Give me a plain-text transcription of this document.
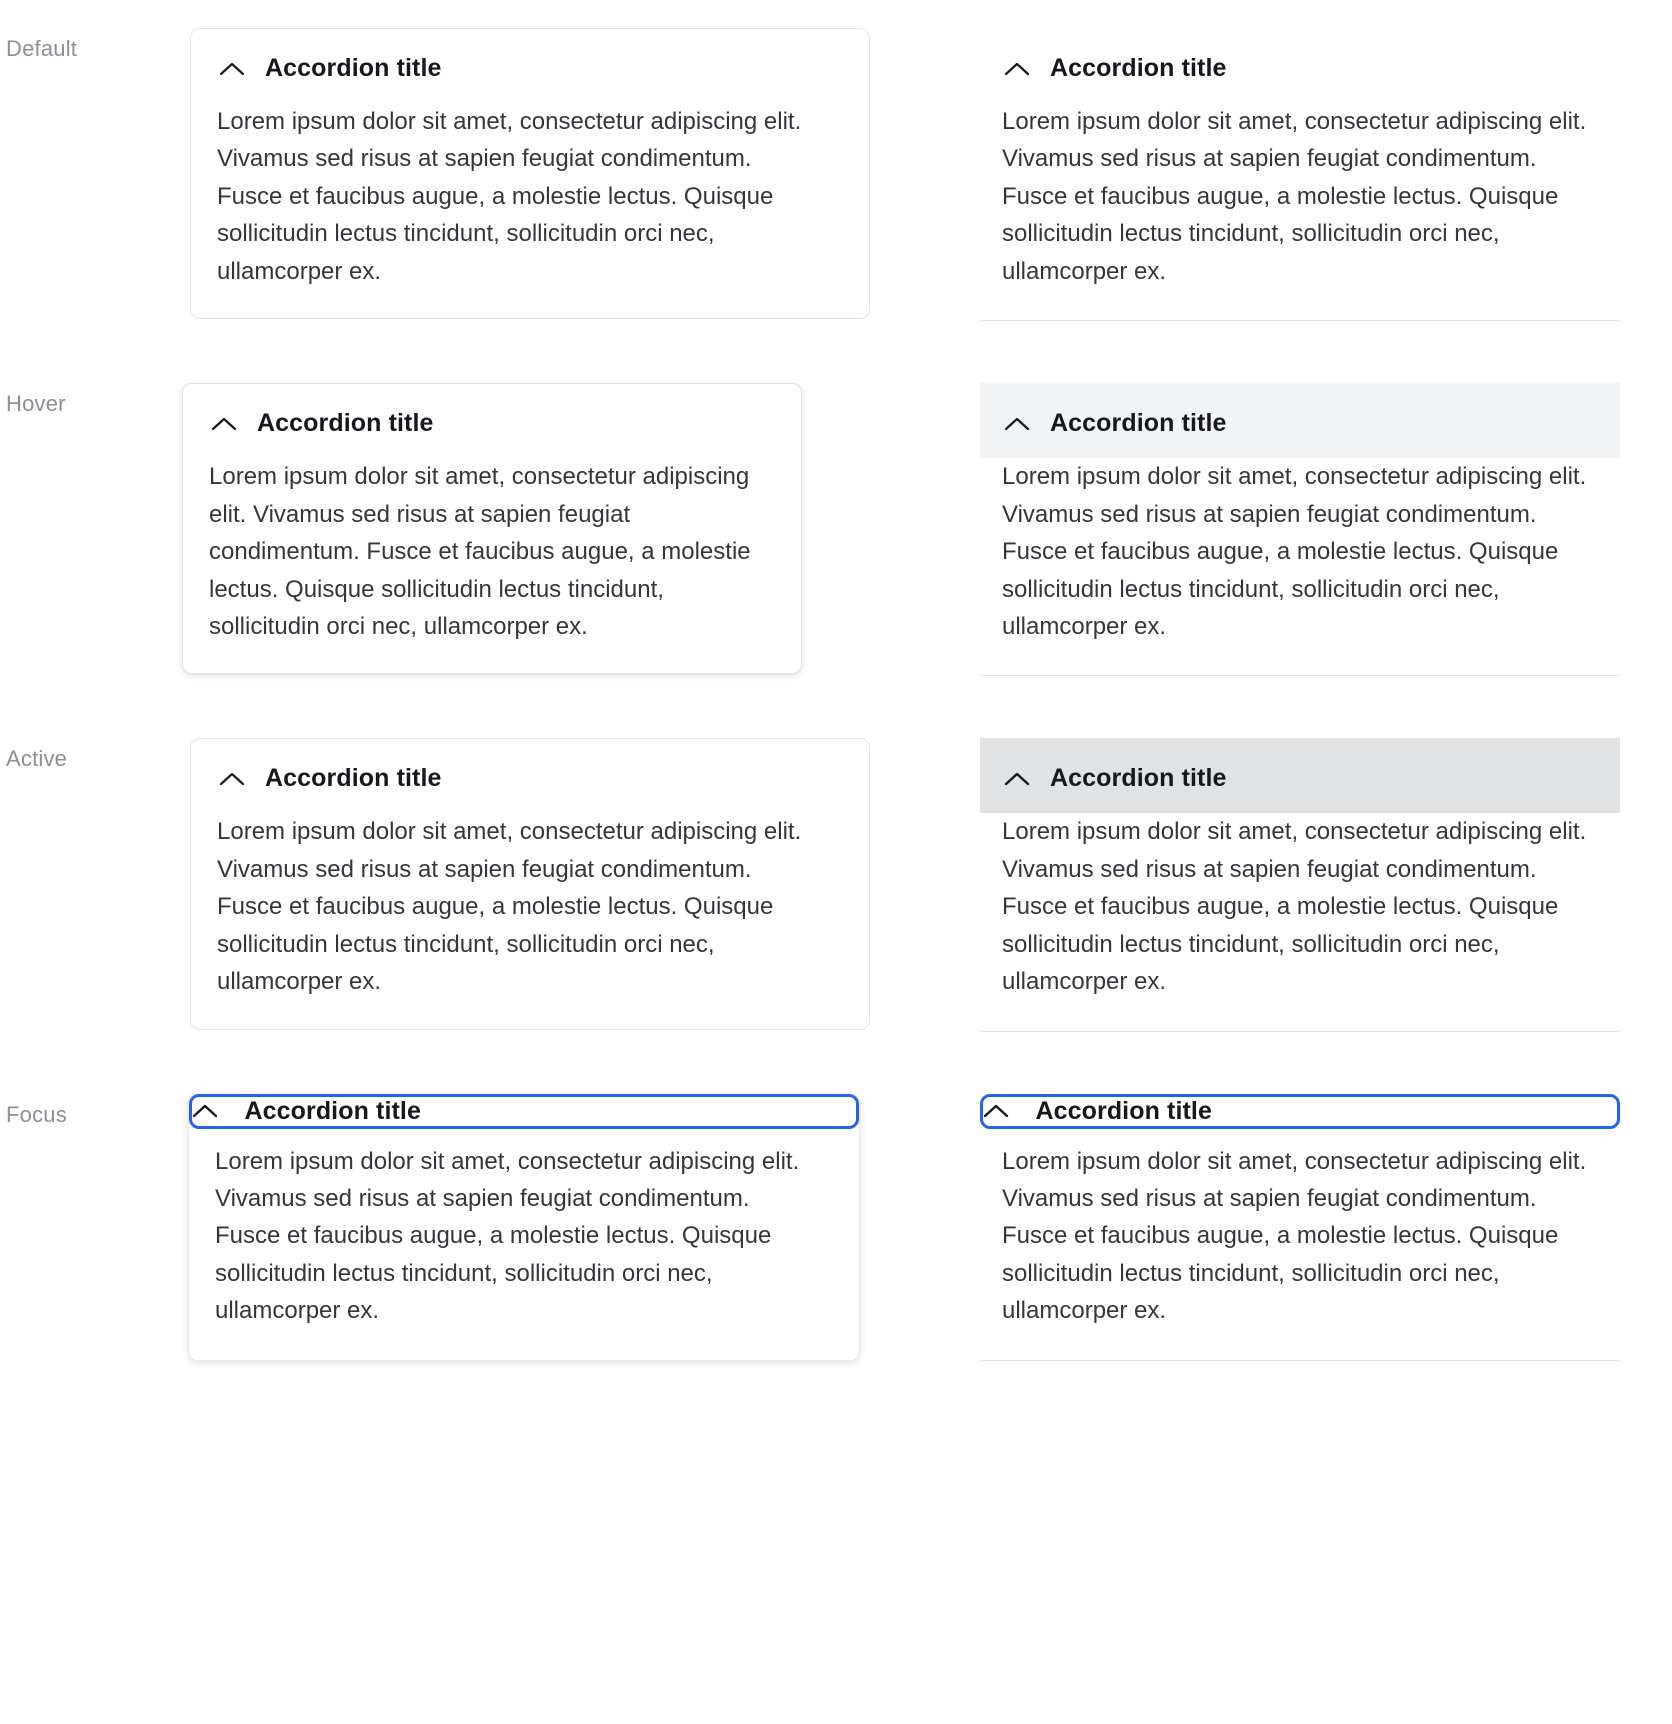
Default
Accordion title
Lorem ipsum dolor sit amet, consectetur adipiscing elit. Vivamus sed risus at sapien feugiat condimentum. Fusce et faucibus augue, a molestie lectus. Quisque sollicitudin lectus tincidunt, sollicitudin orci nec, ullamcorper ex.
Accordion title
Lorem ipsum dolor sit amet, consectetur adipiscing elit. Vivamus sed risus at sapien feugiat condimentum. Fusce et faucibus augue, a molestie lectus. Quisque sollicitudin lectus tincidunt, sollicitudin orci nec, ullamcorper ex.
Hover
Accordion title
Lorem ipsum dolor sit amet, consectetur adipiscing elit. Vivamus sed risus at sapien feugiat condimentum. Fusce et faucibus augue, a molestie lectus. Quisque sollicitudin lectus tincidunt, sollicitudin orci nec, ullamcorper ex.
Accordion title
Lorem ipsum dolor sit amet, consectetur adipiscing elit. Vivamus sed risus at sapien feugiat condimentum. Fusce et faucibus augue, a molestie lectus. Quisque sollicitudin lectus tincidunt, sollicitudin orci nec, ullamcorper ex.
Active
Accordion title
Lorem ipsum dolor sit amet, consectetur adipiscing elit. Vivamus sed risus at sapien feugiat condimentum. Fusce et faucibus augue, a molestie lectus. Quisque sollicitudin lectus tincidunt, sollicitudin orci nec, ullamcorper ex.
Accordion title
Lorem ipsum dolor sit amet, consectetur adipiscing elit. Vivamus sed risus at sapien feugiat condimentum. Fusce et faucibus augue, a molestie lectus. Quisque sollicitudin lectus tincidunt, sollicitudin orci nec, ullamcorper ex.
Focus	Accordion title
Lorem ipsum dolor sit amet, consectetur adipiscing elit. Vivamus sed risus at sapien feugiat condimentum. Fusce et faucibus augue, a molestie lectus. Quisque sollicitudin lectus tincidunt, sollicitudin orci nec, ullamcorper ex.
Accordion title
Lorem ipsum dolor sit amet, consectetur adipiscing elit. Vivamus sed risus at sapien feugiat condimentum. Fusce et faucibus augue, a molestie lectus. Quisque sollicitudin lectus tincidunt, sollicitudin orci nec, ullamcorper ex.
